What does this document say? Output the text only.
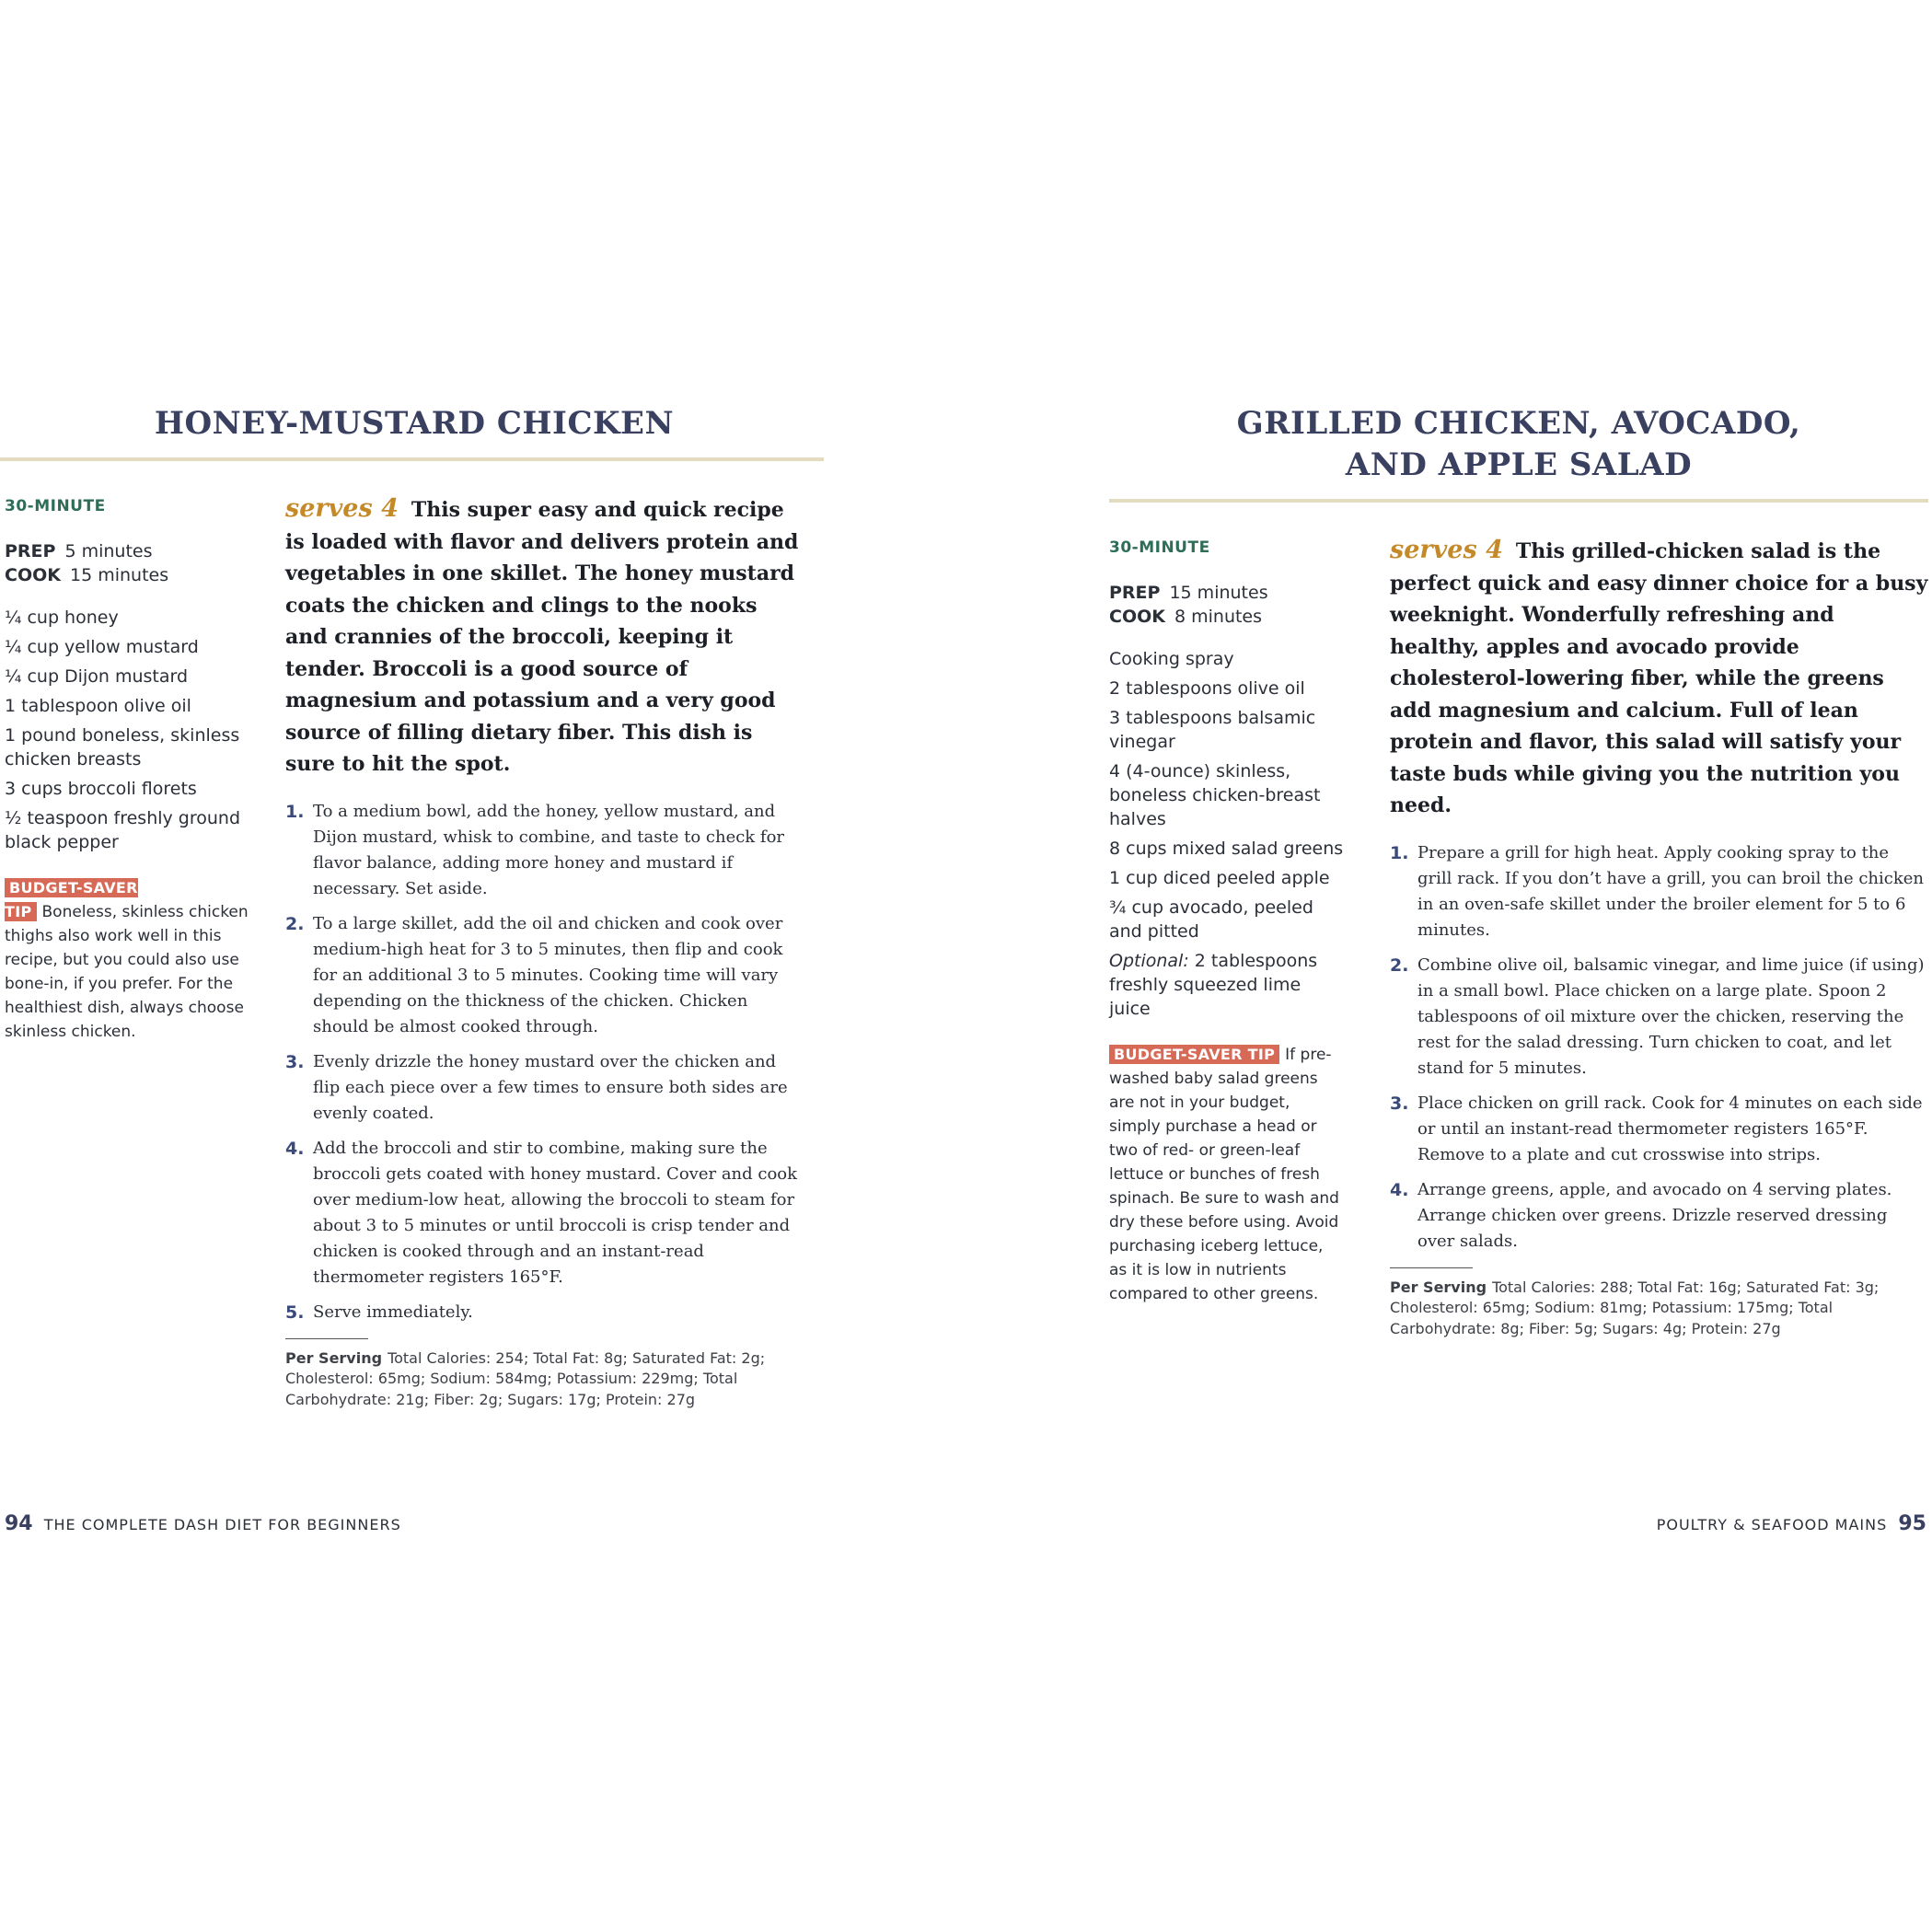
HONEY-MUSTARD CHICKEN
30-MINUTE
PREP 5 minutes
COOK 15 minutes
¼ cup honey
¼ cup yellow mustard
¼ cup Dijon mustard
1 tablespoon olive oil
1 pound boneless, skinless chicken breasts
3 cups broccoli florets
½ teaspoon freshly ground black pepper
BUDGET-SAVER TIP Boneless, skinless chicken thighs also work well in this recipe, but you could also use bone-in, if you prefer. For the healthiest dish, always choose skinless chicken.

serves 4 This super easy and quick recipe is loaded with flavor and delivers protein and vegetables in one skillet. The honey mustard coats the chicken and clings to the nooks and crannies of the broccoli, keeping it tender. Broccoli is a good source of magnesium and potassium and a very good source of filling dietary fiber. This dish is sure to hit the spot.

1. To a medium bowl, add the honey, yellow mustard, and Dijon mustard, whisk to combine, and taste to check for flavor balance, adding more honey and mustard if necessary. Set aside.
2. To a large skillet, add the oil and chicken and cook over medium-high heat for 3 to 5 minutes, then flip and cook for an additional 3 to 5 minutes. Cooking time will vary depending on the thickness of the chicken. Chicken should be almost cooked through.
3. Evenly drizzle the honey mustard over the chicken and flip each piece over a few times to ensure both sides are evenly coated.
4. Add the broccoli and stir to combine, making sure the broccoli gets coated with honey mustard. Cover and cook over medium-low heat, allowing the broccoli to steam for about 3 to 5 minutes or until broccoli is crisp tender and chicken is cooked through and an instant-read thermometer registers 165°F.
5. Serve immediately.
Per Serving Total Calories: 254; Total Fat: 8g; Saturated Fat: 2g; Cholesterol: 65mg; Sodium: 584mg; Potassium: 229mg; Total Carbohydrate: 21g; Fiber: 2g; Sugars: 17g; Protein: 27g
94 THE COMPLETE DASH DIET FOR BEGINNERS
GRILLED CHICKEN, AVOCADO,
AND APPLE SALAD
30-MINUTE
PREP 15 minutes
COOK 8 minutes
Cooking spray
2 tablespoons olive oil
3 tablespoons balsamic vinegar
4 (4-ounce) skinless, boneless chicken-breast halves
8 cups mixed salad greens
1 cup diced peeled apple
¾ cup avocado, peeled and pitted
Optional: 2 tablespoons freshly squeezed lime juice
BUDGET-SAVER TIP If pre-washed baby salad greens are not in your budget, simply purchase a head or two of red- or green-leaf lettuce or bunches of fresh spinach. Be sure to wash and dry these before using. Avoid purchasing iceberg lettuce, as it is low in nutrients compared to other greens.

serves 4 This grilled-chicken salad is the perfect quick and easy dinner choice for a busy weeknight. Wonderfully refreshing and healthy, apples and avocado provide cholesterol-lowering fiber, while the greens add magnesium and calcium. Full of lean protein and flavor, this salad will satisfy your taste buds while giving you the nutrition you need.

1. Prepare a grill for high heat. Apply cooking spray to the grill rack. If you don’t have a grill, you can broil the chicken in an oven-safe skillet under the broiler element for 5 to 6 minutes.
2. Combine olive oil, balsamic vinegar, and lime juice (if using) in a small bowl. Place chicken on a large plate. Spoon 2 tablespoons of oil mixture over the chicken, reserving the rest for the salad dressing. Turn chicken to coat, and let stand for 5 minutes.
3. Place chicken on grill rack. Cook for 4 minutes on each side or until an instant-read thermometer registers 165°F. Remove to a plate and cut crosswise into strips.
4. Arrange greens, apple, and avocado on 4 serving plates. Arrange chicken over greens. Drizzle reserved dressing over salads.
Per Serving Total Calories: 288; Total Fat: 16g; Saturated Fat: 3g; Cholesterol: 65mg; Sodium: 81mg; Potassium: 175mg; Total Carbohydrate: 8g; Fiber: 5g; Sugars: 4g; Protein: 27g
POULTRY & SEAFOOD MAINS 95
